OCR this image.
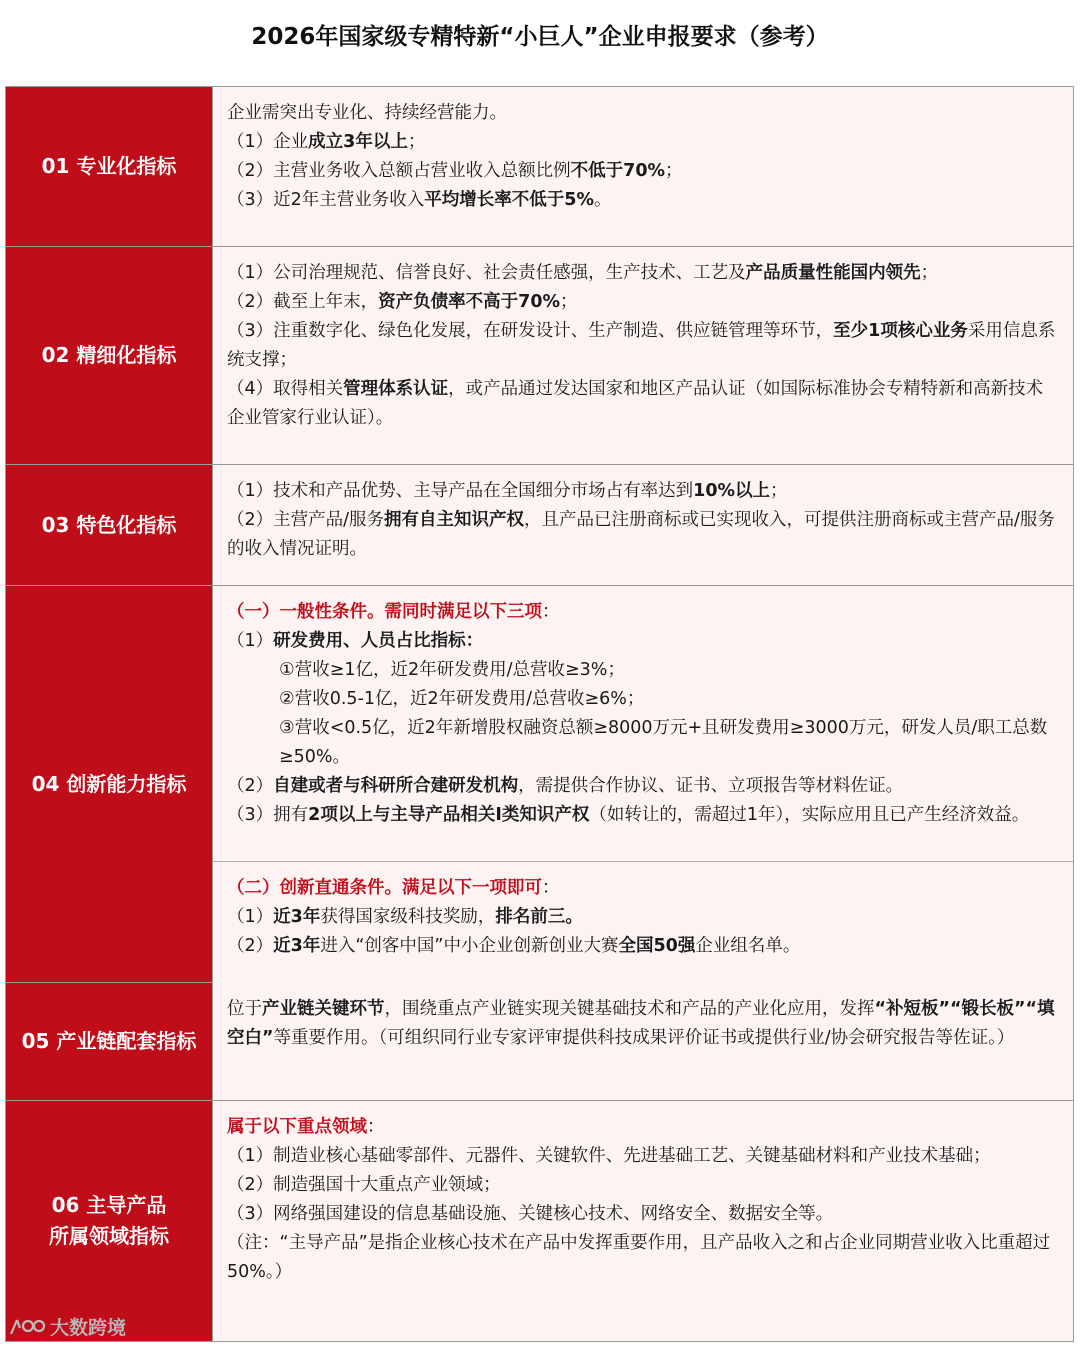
2026年国家级专精特新“小巨人”企业申报要求（参考）
01 专业化指标
企业需突出专业化、持续经营能力。
（1）企业成立3年以上；
（2）主营业务收入总额占营业收入总额比例不低于70%；
（3）近2年主营业务收入平均增长率不低于5%。
02 精细化指标
（1）公司治理规范、信誉良好、社会责任感强，生产技术、工艺及产品质量性能国内领先；
（2）截至上年末，资产负债率不高于70%；
（3）注重数字化、绿色化发展，在研发设计、生产制造、供应链管理等环节，至少1项核心业务采用信息系统支撑；
（4）取得相关管理体系认证，或产品通过发达国家和地区产品认证（如国际标准协会专精特新和高新技术企业管家行业认证）。
03 特色化指标
（1）技术和产品优势、主导产品在全国细分市场占有率达到10%以上；
（2）主营产品/服务拥有自主知识产权，且产品已注册商标或已实现收入，可提供注册商标或主营产品/服务的收入情况证明。
04 创新能力指标
（一）一般性条件。需同时满足以下三项：
（1）研发费用、人员占比指标：
①营收≥1亿，近2年研发费用/总营收≥3%；
②营收0.5-1亿，近2年研发费用/总营收≥6%；
③营收<0.5亿，近2年新增股权融资总额≥8000万元+且研发费用≥3000万元，研发人员/职工总数≥50%。
（2）自建或者与科研所合建研发机构，需提供合作协议、证书、立项报告等材料佐证。
（3）拥有2项以上与主导产品相关Ⅰ类知识产权（如转让的，需超过1年），实际应用且已产生经济效益。
（二）创新直通条件。满足以下一项即可：
（1）近3年获得国家级科技奖励，排名前三。
（2）近3年进入“创客中国”中小企业创新创业大赛全国50强企业组名单。
05 产业链配套指标
位于产业链关键环节，围绕重点产业链实现关键基础技术和产品的产业化应用，发挥“补短板”“锻长板”“填空白”等重要作用。（可组织同行业专家评审提供科技成果评价证书或提供行业/协会研究报告等佐证。）
06 主导产品
所属领域指标
属于以下重点领域：
（1）制造业核心基础零部件、元器件、关键软件、先进基础工艺、关键基础材料和产业技术基础；
（2）制造强国十大重点产业领域；
（3）网络强国建设的信息基础设施、关键核心技术、网络安全、数据安全等。
（注：“主导产品”是指企业核心技术在产品中发挥重要作用，且产品收入之和占企业同期营业收入比重超过50%。）
大数跨境
